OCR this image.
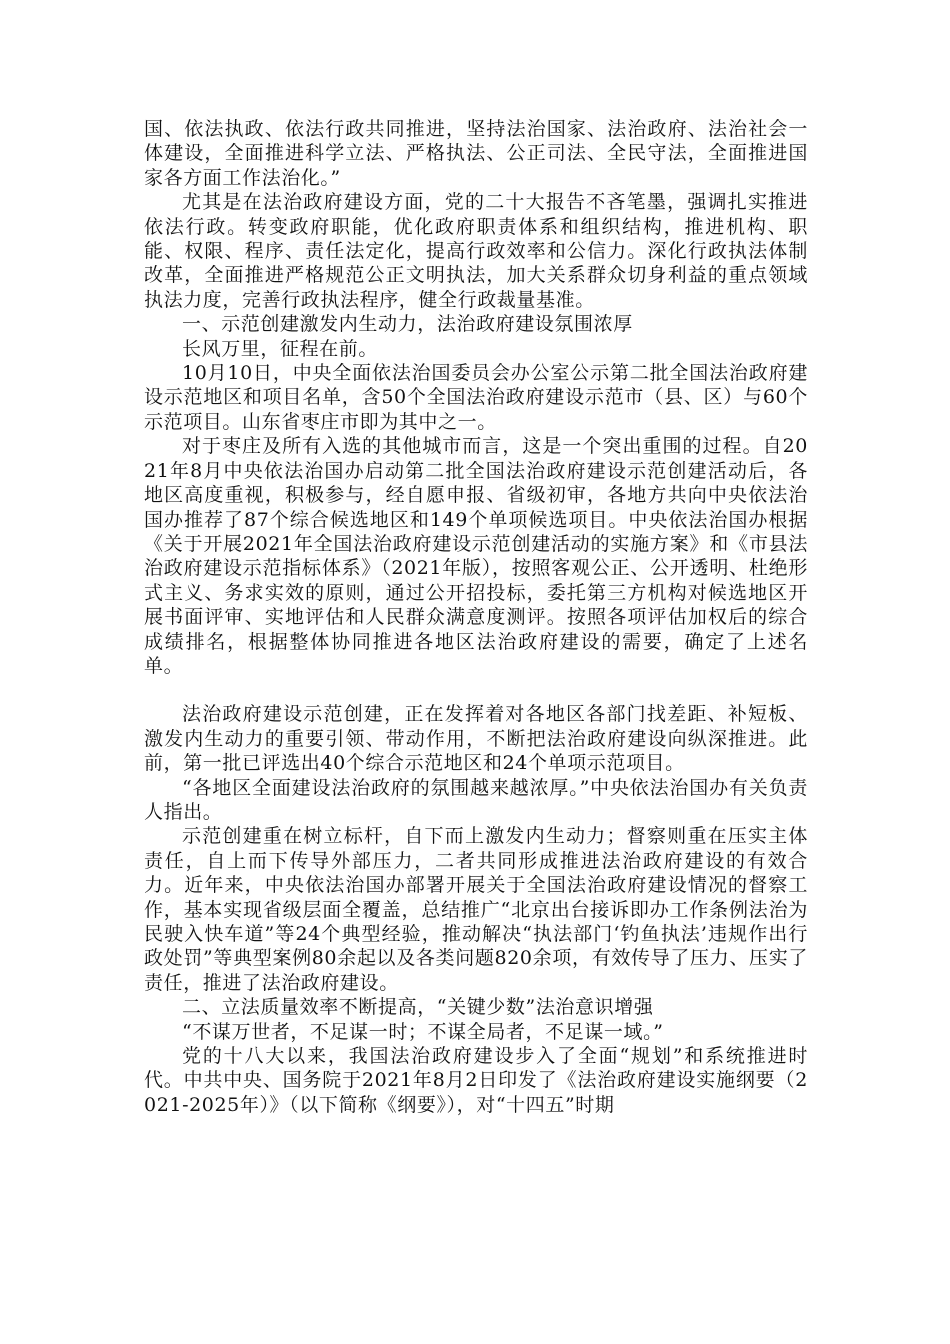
国、依法执政、依法行政共同推进，坚持法治国家、法治政府、法治社会一体建设，全面推进科学立法、严格执法、公正司法、全民守法，全面推进国家各方面工作法治化。”

尤其是在法治政府建设方面，党的二十大报告不吝笔墨，强调扎实推进依法行政。转变政府职能，优化政府职责体系和组织结构，推进机构、职能、权限、程序、责任法定化，提高行政效率和公信力。深化行政执法体制改革，全面推进严格规范公正文明执法，加大关系群众切身利益的重点领域执法力度，完善行政执法程序，健全行政裁量基准。

一、示范创建激发内生动力，法治政府建设氛围浓厚

长风万里，征程在前。

10月10日，中央全面依法治国委员会办公室公示第二批全国法治政府建设示范地区和项目名单，含50个全国法治政府建设示范市（县、区）与60个示范项目。山东省枣庄市即为其中之一。

对于枣庄及所有入选的其他城市而言，这是一个突出重围的过程。自2021年8月中央依法治国办启动第二批全国法治政府建设示范创建活动后，各地区高度重视，积极参与，经自愿申报、省级初审，各地方共向中央依法治国办推荐了87个综合候选地区和149个单项候选项目。中央依法治国办根据《关于开展2021年全国法治政府建设示范创建活动的实施方案》和《市县法治政府建设示范指标体系》（2021年版），按照客观公正、公开透明、杜绝形式主义、务求实效的原则，通过公开招投标，委托第三方机构对候选地区开展书面评审、实地评估和人民群众满意度测评。按照各项评估加权后的综合成绩排名，根据整体协同推进各地区法治政府建设的需要，确定了上述名单。

法治政府建设示范创建，正在发挥着对各地区各部门找差距、补短板、激发内生动力的重要引领、带动作用，不断把法治政府建设向纵深推进。此前，第一批已评选出40个综合示范地区和24个单项示范项目。

“各地区全面建设法治政府的氛围越来越浓厚。”中央依法治国办有关负责人指出。

示范创建重在树立标杆，自下而上激发内生动力；督察则重在压实主体责任，自上而下传导外部压力，二者共同形成推进法治政府建设的有效合力。近年来，中央依法治国办部署开展关于全国法治政府建设情况的督察工作，基本实现省级层面全覆盖，总结推广“北京出台接诉即办工作条例法治为民驶入快车道”等24个典型经验，推动解决“执法部门‘钓鱼执法’违规作出行政处罚”等典型案例80余起以及各类问题820余项，有效传导了压力、压实了责任，推进了法治政府建设。

二、立法质量效率不断提高，“关键少数”法治意识增强

“不谋万世者，不足谋一时；不谋全局者，不足谋一域。”

党的十八大以来，我国法治政府建设步入了全面“规划”和系统推进时代。中共中央、国务院于2021年8月2日印发了《法治政府建设实施纲要（2021-2025年）》（以下简称《纲要》），对“十四五”时期
